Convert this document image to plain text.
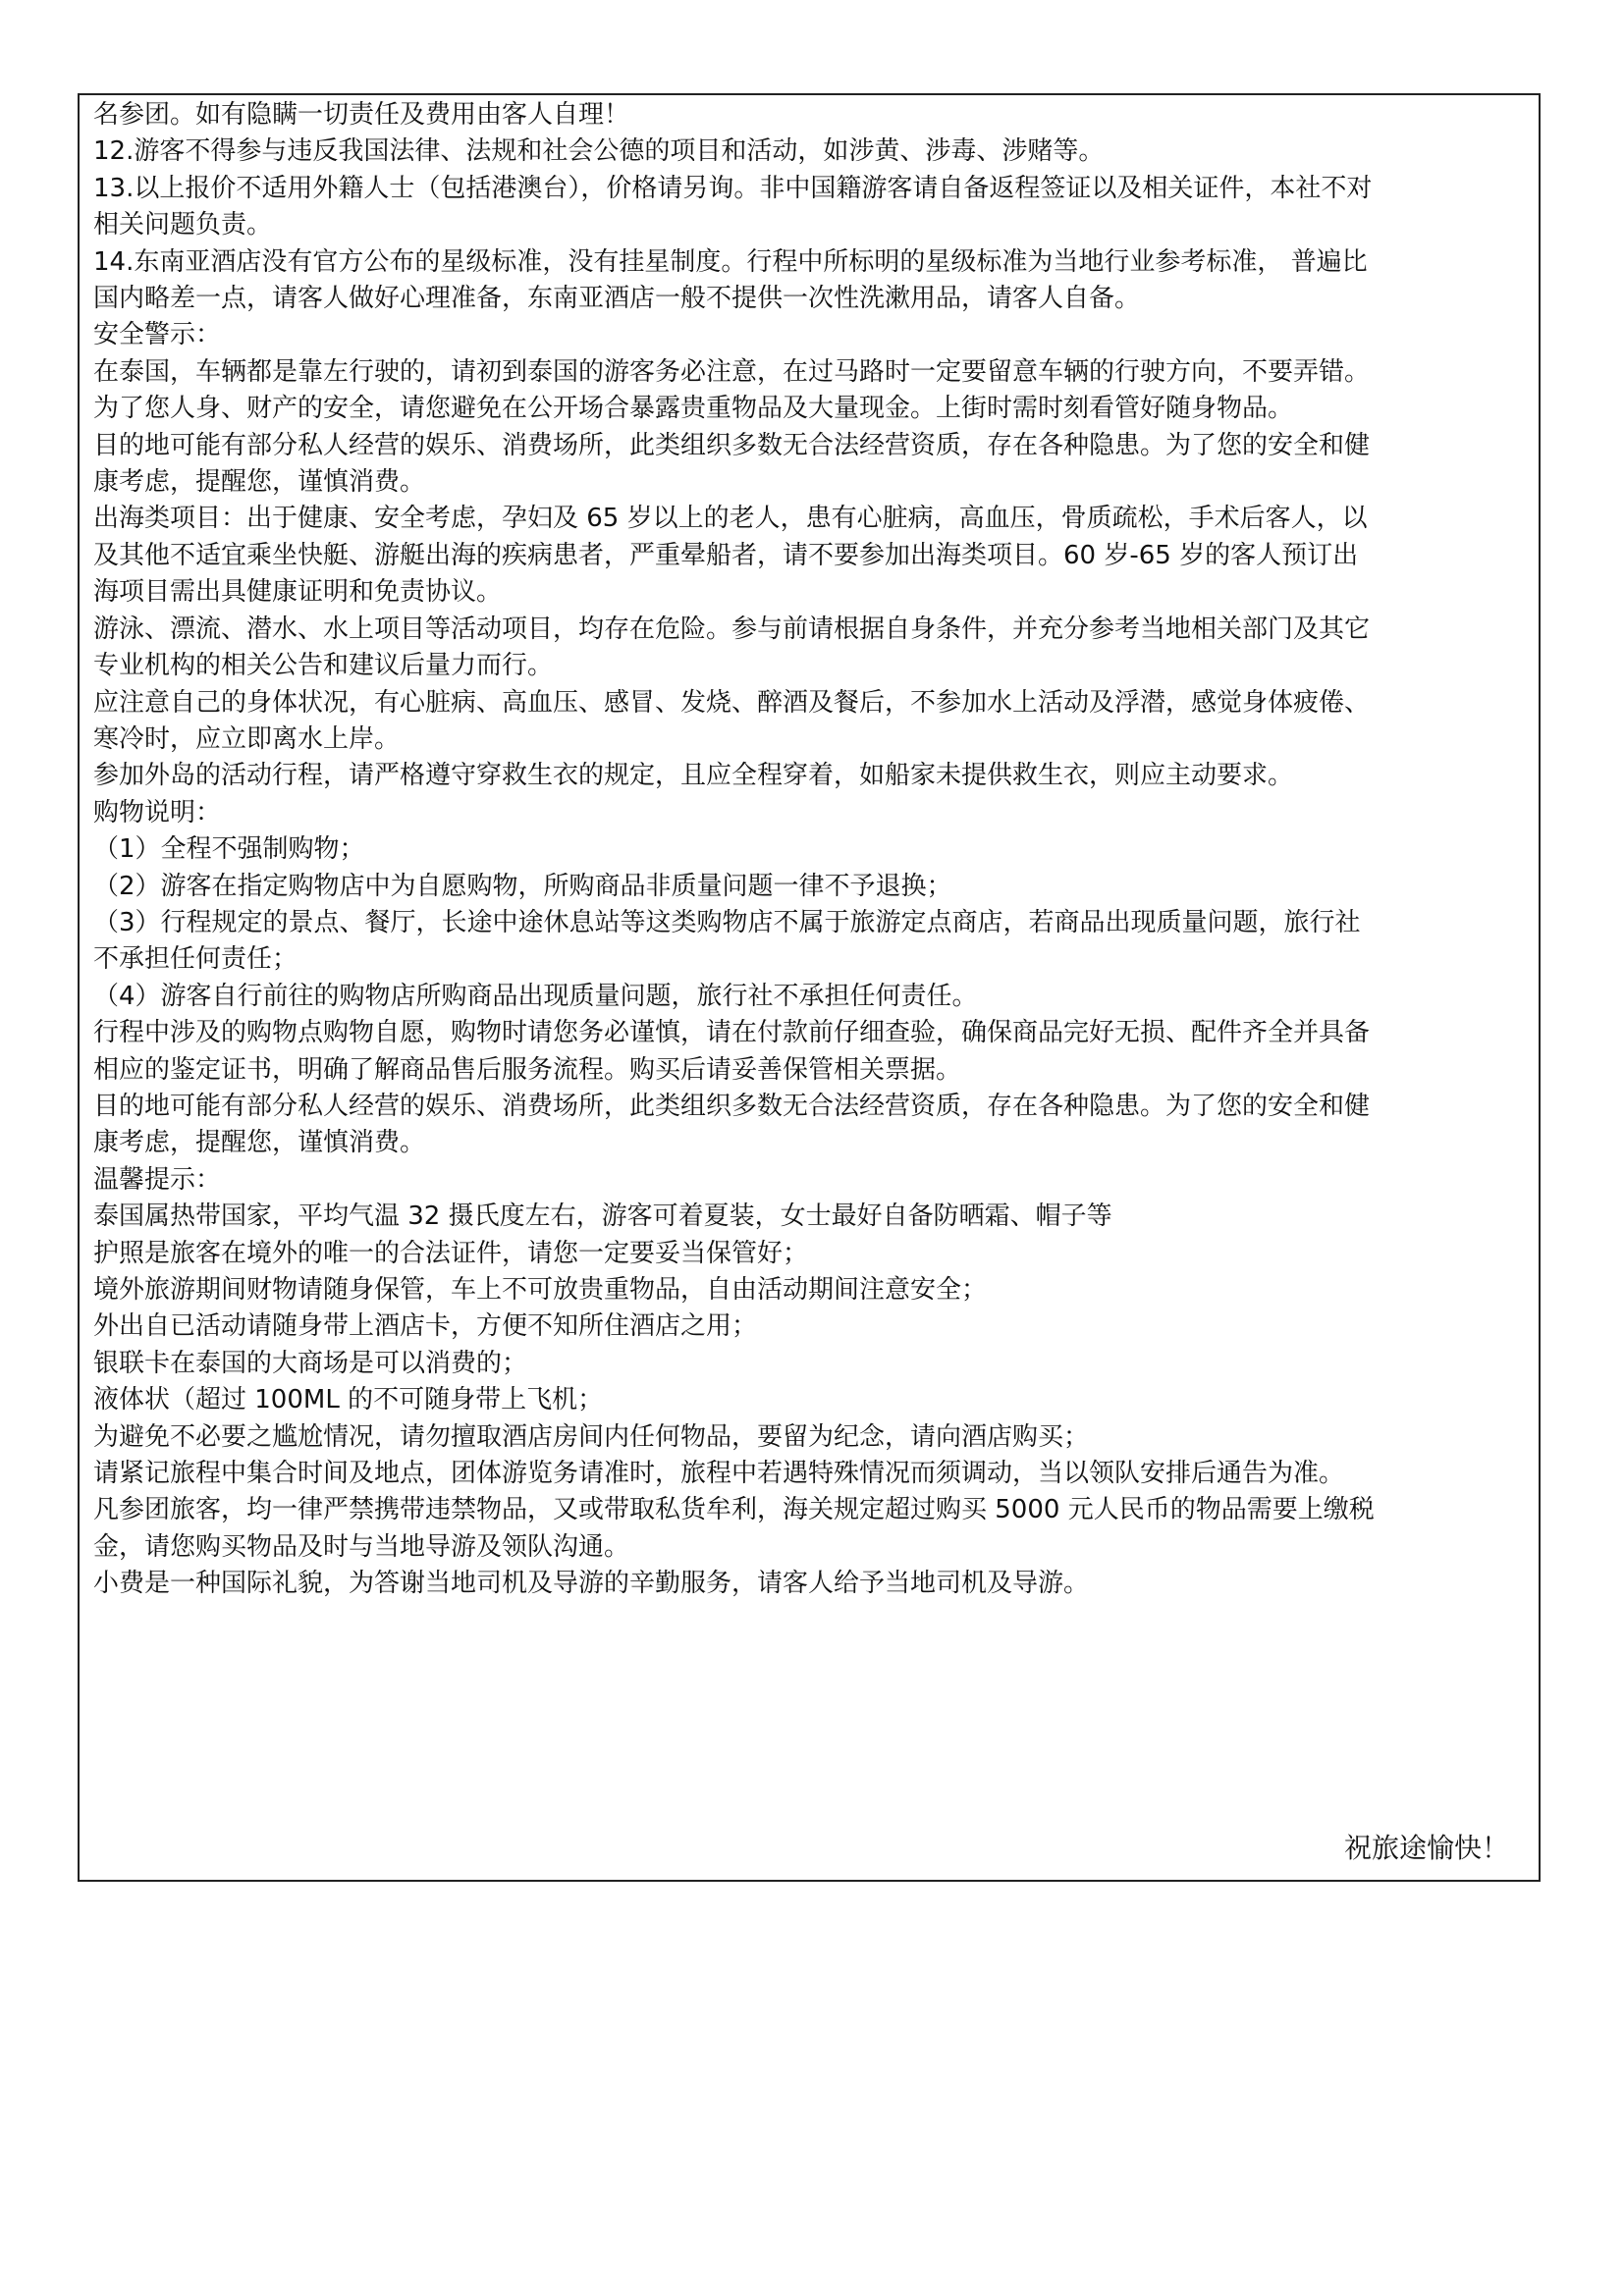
名参团。如有隐瞒一切责任及费用由客人自理！
12.游客不得参与违反我国法律、法规和社会公德的项目和活动，如涉黄、涉毒、涉赌等。
13.以上报价不适用外籍人士（包括港澳台），价格请另询。非中国籍游客请自备返程签证以及相关证件，本社不对
相关问题负责。
14.东南亚酒店没有官方公布的星级标准，没有挂星制度。行程中所标明的星级标准为当地行业参考标准， 普遍比
国内略差一点，请客人做好心理准备，东南亚酒店一般不提供一次性洗漱用品，请客人自备。
安全警示：
在泰国，车辆都是靠左行驶的，请初到泰国的游客务必注意，在过马路时一定要留意车辆的行驶方向，不要弄错。
为了您人身、财产的安全，请您避免在公开场合暴露贵重物品及大量现金。上街时需时刻看管好随身物品。
目的地可能有部分私人经营的娱乐、消费场所，此类组织多数无合法经营资质，存在各种隐患。为了您的安全和健
康考虑，提醒您，谨慎消费。
出海类项目：出于健康、安全考虑，孕妇及 65 岁以上的老人，患有心脏病，高血压，骨质疏松，手术后客人，以
及其他不适宜乘坐快艇、游艇出海的疾病患者，严重晕船者，请不要参加出海类项目。60 岁-65 岁的客人预订出
海项目需出具健康证明和免责协议。
游泳、漂流、潜水、水上项目等活动项目，均存在危险。参与前请根据自身条件，并充分参考当地相关部门及其它
专业机构的相关公告和建议后量力而行。
应注意自己的身体状况，有心脏病、高血压、感冒、发烧、醉酒及餐后，不参加水上活动及浮潜，感觉身体疲倦、
寒冷时，应立即离水上岸。
参加外岛的活动行程，请严格遵守穿救生衣的规定，且应全程穿着，如船家未提供救生衣，则应主动要求。
购物说明：
（1）全程不强制购物；
（2）游客在指定购物店中为自愿购物，所购商品非质量问题一律不予退换；
（3）行程规定的景点、餐厅，长途中途休息站等这类购物店不属于旅游定点商店，若商品出现质量问题，旅行社
不承担任何责任；
（4）游客自行前往的购物店所购商品出现质量问题，旅行社不承担任何责任。
行程中涉及的购物点购物自愿，购物时请您务必谨慎，请在付款前仔细查验，确保商品完好无损、配件齐全并具备
相应的鉴定证书，明确了解商品售后服务流程。购买后请妥善保管相关票据。
目的地可能有部分私人经营的娱乐、消费场所，此类组织多数无合法经营资质，存在各种隐患。为了您的安全和健
康考虑，提醒您，谨慎消费。
温馨提示：
泰国属热带国家，平均气温 32 摄氏度左右，游客可着夏装，女士最好自备防晒霜、帽子等
护照是旅客在境外的唯一的合法证件，请您一定要妥当保管好；
境外旅游期间财物请随身保管，车上不可放贵重物品，自由活动期间注意安全；
外出自已活动请随身带上酒店卡，方便不知所住酒店之用；
银联卡在泰国的大商场是可以消费的；
液体状（超过 100ML 的不可随身带上飞机；
为避免不必要之尴尬情况，请勿擅取酒店房间内任何物品，要留为纪念，请向酒店购买；
请紧记旅程中集合时间及地点，团体游览务请准时，旅程中若遇特殊情况而须调动，当以领队安排后通告为准。
凡参团旅客，均一律严禁携带违禁物品，又或带取私货牟利，海关规定超过购买 5000 元人民币的物品需要上缴税
金，请您购买物品及时与当地导游及领队沟通。
小费是一种国际礼貌，为答谢当地司机及导游的辛勤服务，请客人给予当地司机及导游。
祝旅途愉快！
